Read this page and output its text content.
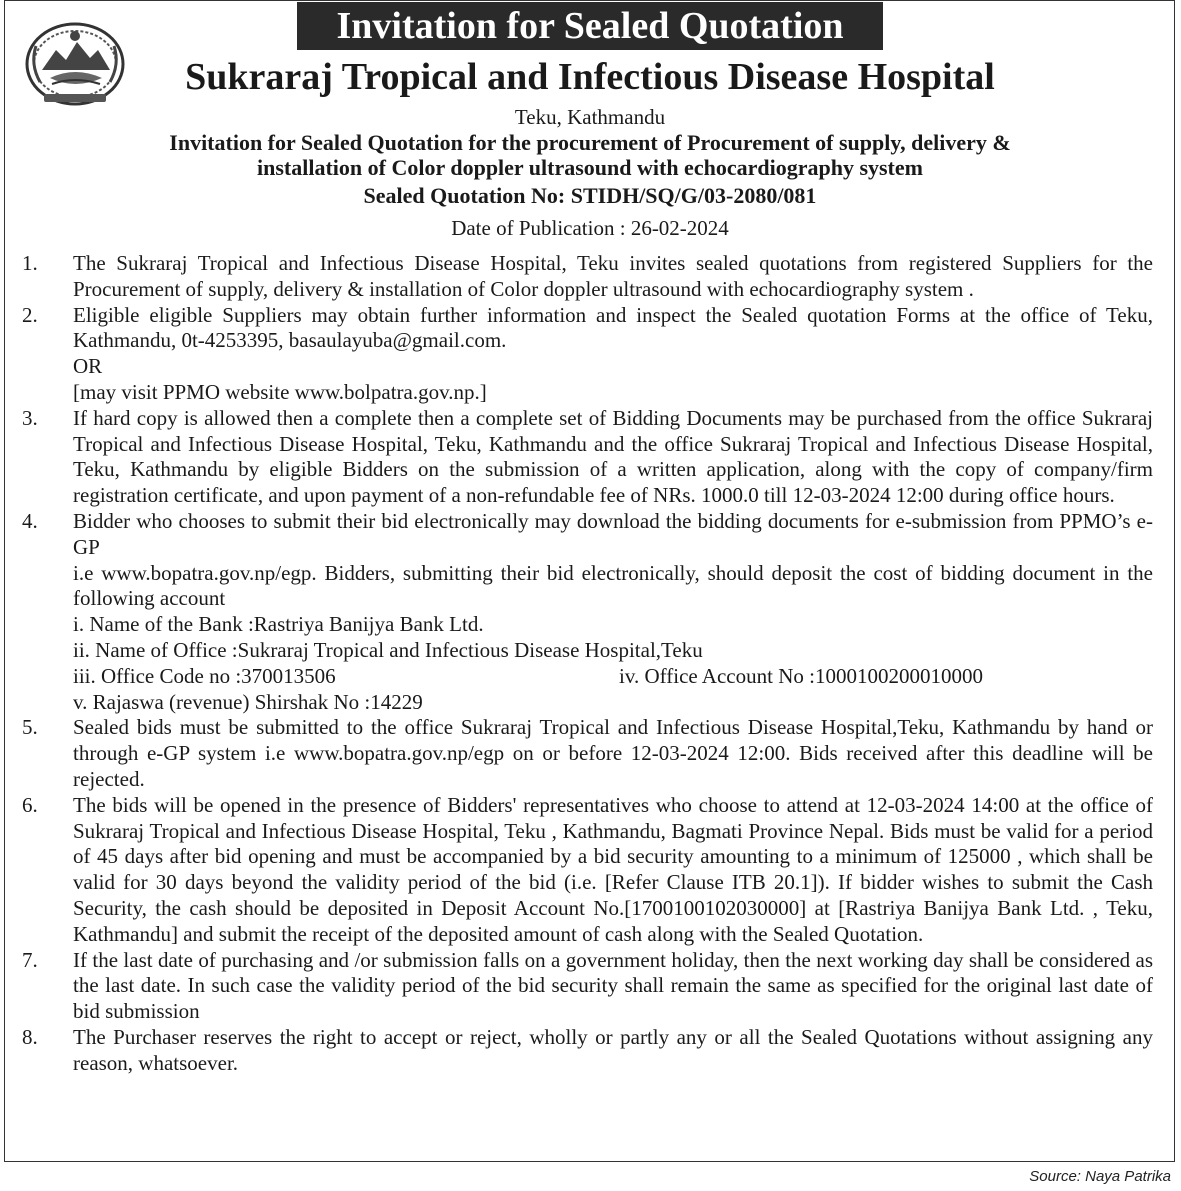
Invitation for Sealed Quotation
Sukraraj Tropical and Infectious Disease Hospital
Teku, Kathmandu
Invitation for Sealed Quotation for the procurement of Procurement of supply, delivery &
installation of Color doppler ultrasound with echocardiography system
Sealed Quotation No: STIDH/SQ/G/03-2080/081
Date of Publication : 26-02-2024
1.	The Sukraraj Tropical and Infectious Disease Hospital, Teku invites sealed quotations from registered Suppliers for the Procurement of supply, delivery & installation of Color doppler ultrasound with echocardiography system .
2.	Eligible eligible Suppliers may obtain further information and inspect the Sealed quotation Forms at the office of Teku, Kathmandu, 0t-4253395, basaulayuba@gmail.com.
OR
[may visit PPMO website www.bolpatra.gov.np.]
3.	If hard copy is allowed then a complete then a complete set of Bidding Documents may be purchased from the office Sukraraj Tropical and Infectious Disease Hospital, Teku, Kathmandu and the office Sukraraj Tropical and Infectious Disease Hospital, Teku, Kathmandu by eligible Bidders on the submission of a written application, along with the copy of company/firm registration certificate, and upon payment of a non-refundable fee of NRs. 1000.0 till 12-03-2024 12:00 during office hours.
4.	Bidder who chooses to submit their bid electronically may download the bidding documents for e-submission from PPMO’s e-GP
i.e www.bopatra.gov.np/egp. Bidders, submitting their bid electronically, should deposit the cost of bidding document in the following account
i. Name of the Bank :Rastriya Banijya Bank Ltd.
ii. Name of Office :Sukraraj Tropical and Infectious Disease Hospital,Teku
iii. Office Code no :370013506	iv. Office Account No :1000100200010000
v. Rajaswa (revenue) Shirshak No :14229
5.	Sealed bids must be submitted to the office Sukraraj Tropical and Infectious Disease Hospital,Teku, Kathmandu by hand or through e-GP system i.e www.bopatra.gov.np/egp on or before 12-03-2024 12:00. Bids received after this deadline will be rejected.
6.	The bids will be opened in the presence of Bidders' representatives who choose to attend at 12-03-2024 14:00 at the office of Sukraraj Tropical and Infectious Disease Hospital, Teku , Kathmandu, Bagmati Province Nepal. Bids must be valid for a period of 45 days after bid opening and must be accompanied by a bid security amounting to a minimum of 125000 , which shall be valid for 30 days beyond the validity period of the bid (i.e. [Refer Clause ITB 20.1]). If bidder wishes to submit the Cash Security, the cash should be deposited in Deposit Account No.[1700100102030000] at [Rastriya Banijya Bank Ltd. , Teku, Kathmandu] and submit the receipt of the deposited amount of cash along with the Sealed Quotation.
7.	If the last date of purchasing and /or submission falls on a government holiday, then the next working day shall be considered as the last date. In such case the validity period of the bid security shall remain the same as specified for the original last date of bid submission
8.	The Purchaser reserves the right to accept or reject, wholly or partly any or all the Sealed Quotations without assigning any reason, whatsoever.
Source: Naya Patrika
